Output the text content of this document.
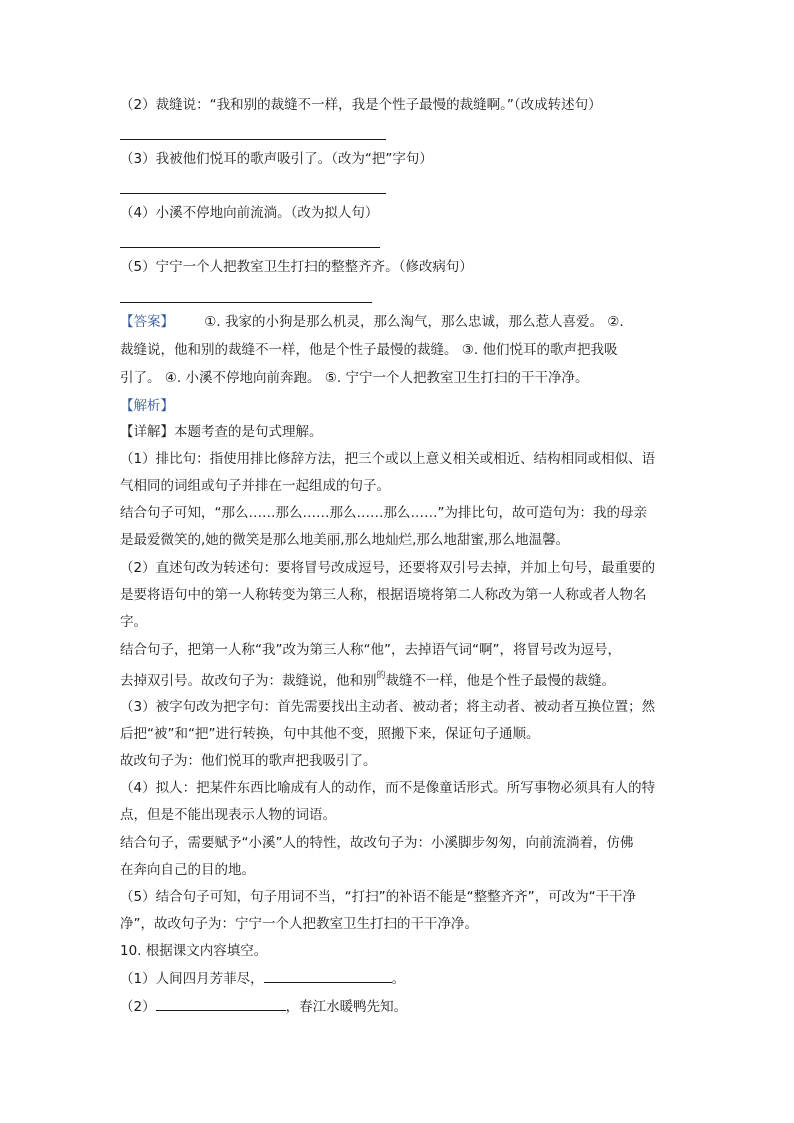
（2）裁缝说：“我和别的裁缝不一样，我是个性子最慢的裁缝啊。”（改成转述句）
（3）我被他们悦耳的歌声吸引了。（改为“把”字句）
（4）小溪不停地向前流淌。（改为拟人句）
（5）宁宁一个人把教室卫生打扫的整整齐齐。（修改病句）
【答案】 ①. 我家的小狗是那么机灵，那么淘气，那么忠诚，那么惹人喜爱。 ②.
裁缝说，他和别的裁缝不一样，他是个性子最慢的裁缝。 ③. 他们悦耳的歌声把我吸
引了。 ④. 小溪不停地向前奔跑。 ⑤. 宁宁一个人把教室卫生打扫的干干净净。
【解析】
【详解】本题考查的是句式理解。
（1）排比句：指使用排比修辞方法，把三个或以上意义相关或相近、结构相同或相似、语
气相同的词组或句子并排在一起组成的句子。
结合句子可知，“那么……那么……那么……那么……”为排比句，故可造句为：我的母亲
是最爱微笑的,她的微笑是那么地美丽,那么地灿烂,那么地甜蜜,那么地温馨。
（2）直述句改为转述句：要将冒号改成逗号，还要将双引号去掉，并加上句号，最重要的
是要将语句中的第一人称转变为第三人称，根据语境将第二人称改为第一人称或者人物名
字。
结合句子，把第一人称“我”改为第三人称“他”，去掉语气词“啊”，将冒号改为逗号，
去掉双引号。故改句子为：裁缝说，他和别$^的$裁缝不一样，他是个性子最慢的裁缝。
（3）被字句改为把字句：首先需要找出主动者、被动者；将主动者、被动者互换位置；然
后把“被”和“把”进行转换，句中其他不变，照搬下来，保证句子通顺。
故改句子为：他们悦耳的歌声把我吸引了。
（4）拟人：把某件东西比喻成有人的动作，而不是像童话形式。所写事物必须具有人的特
点，但是不能出现表示人物的词语。
结合句子，需要赋予“小溪”人的特性，故改句子为：小溪脚步匆匆，向前流淌着，仿佛
在奔向自己的目的地。
（5）结合句子可知，句子用词不当，“打扫”的补语不能是“整整齐齐”，可改为“干干净
净”，故改句子为：宁宁一个人把教室卫生打扫的干干净净。
10. 根据课文内容填空。
（1）人间四月芳菲尽，	。
（2）	，春江水暖鸭先知。
